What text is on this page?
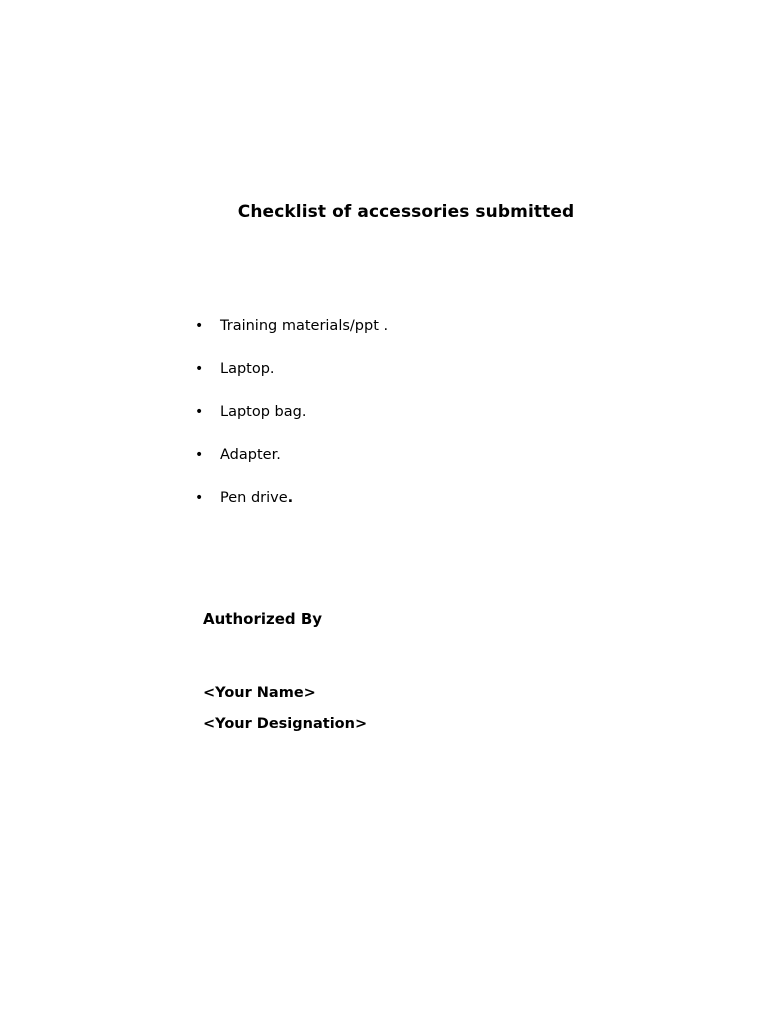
Checklist of accessories submitted
• Training materials/ppt .
• Laptop.
• Laptop bag.
• Adapter.
• Pen drive.
Authorized By
<Your Name>
<Your Designation>
